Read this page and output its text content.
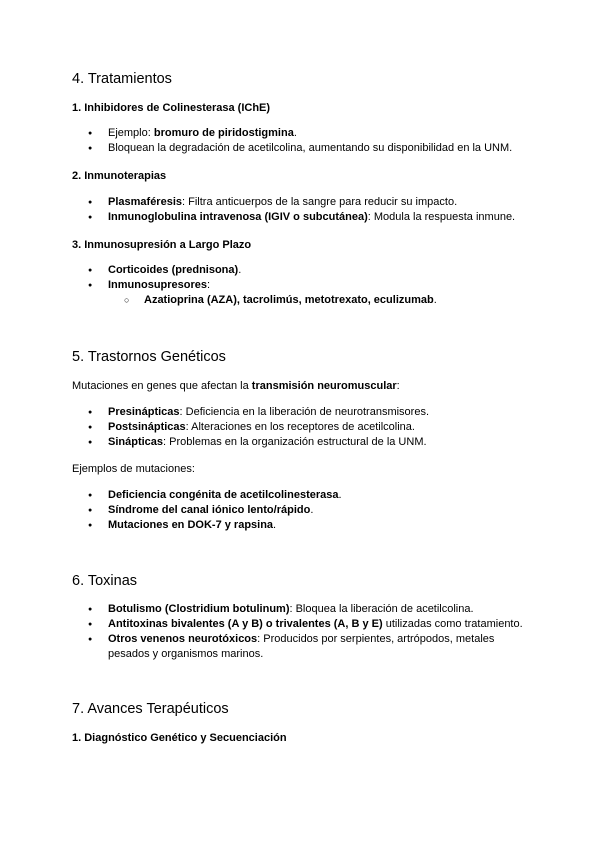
4. Tratamientos
1. Inhibidores de Colinesterasa (IChE)
● Ejemplo: bromuro de piridostigmina.
● Bloquean la degradación de acetilcolina, aumentando su disponibilidad en la UNM.
2. Inmunoterapias
● Plasmaféresis: Filtra anticuerpos de la sangre para reducir su impacto.
● Inmunoglobulina intravenosa (IGIV o subcutánea): Modula la respuesta inmune.
3. Inmunosupresión a Largo Plazo
● Corticoides (prednisona).
● Inmunosupresores:
○ Azatioprina (AZA), tacrolimús, metotrexato, eculizumab.
5. Trastornos Genéticos

Mutaciones en genes que afectan la transmisión neuromuscular:

● Presinápticas: Deficiencia en la liberación de neurotransmisores.
● Postsinápticas: Alteraciones en los receptores de acetilcolina.
● Sinápticas: Problemas en la organización estructural de la UNM.

Ejemplos de mutaciones:

● Deficiencia congénita de acetilcolinesterasa.
● Síndrome del canal iónico lento/rápido.
● Mutaciones en DOK-7 y rapsina.
6. Toxinas
● Botulismo (Clostridium botulinum): Bloquea la liberación de acetilcolina.
● Antitoxinas bivalentes (A y B) o trivalentes (A, B y E) utilizadas como tratamiento.
● Otros venenos neurotóxicos: Producidos por serpientes, artrópodos, metales pesados y organismos marinos.
7. Avances Terapéuticos
1. Diagnóstico Genético y Secuenciación
